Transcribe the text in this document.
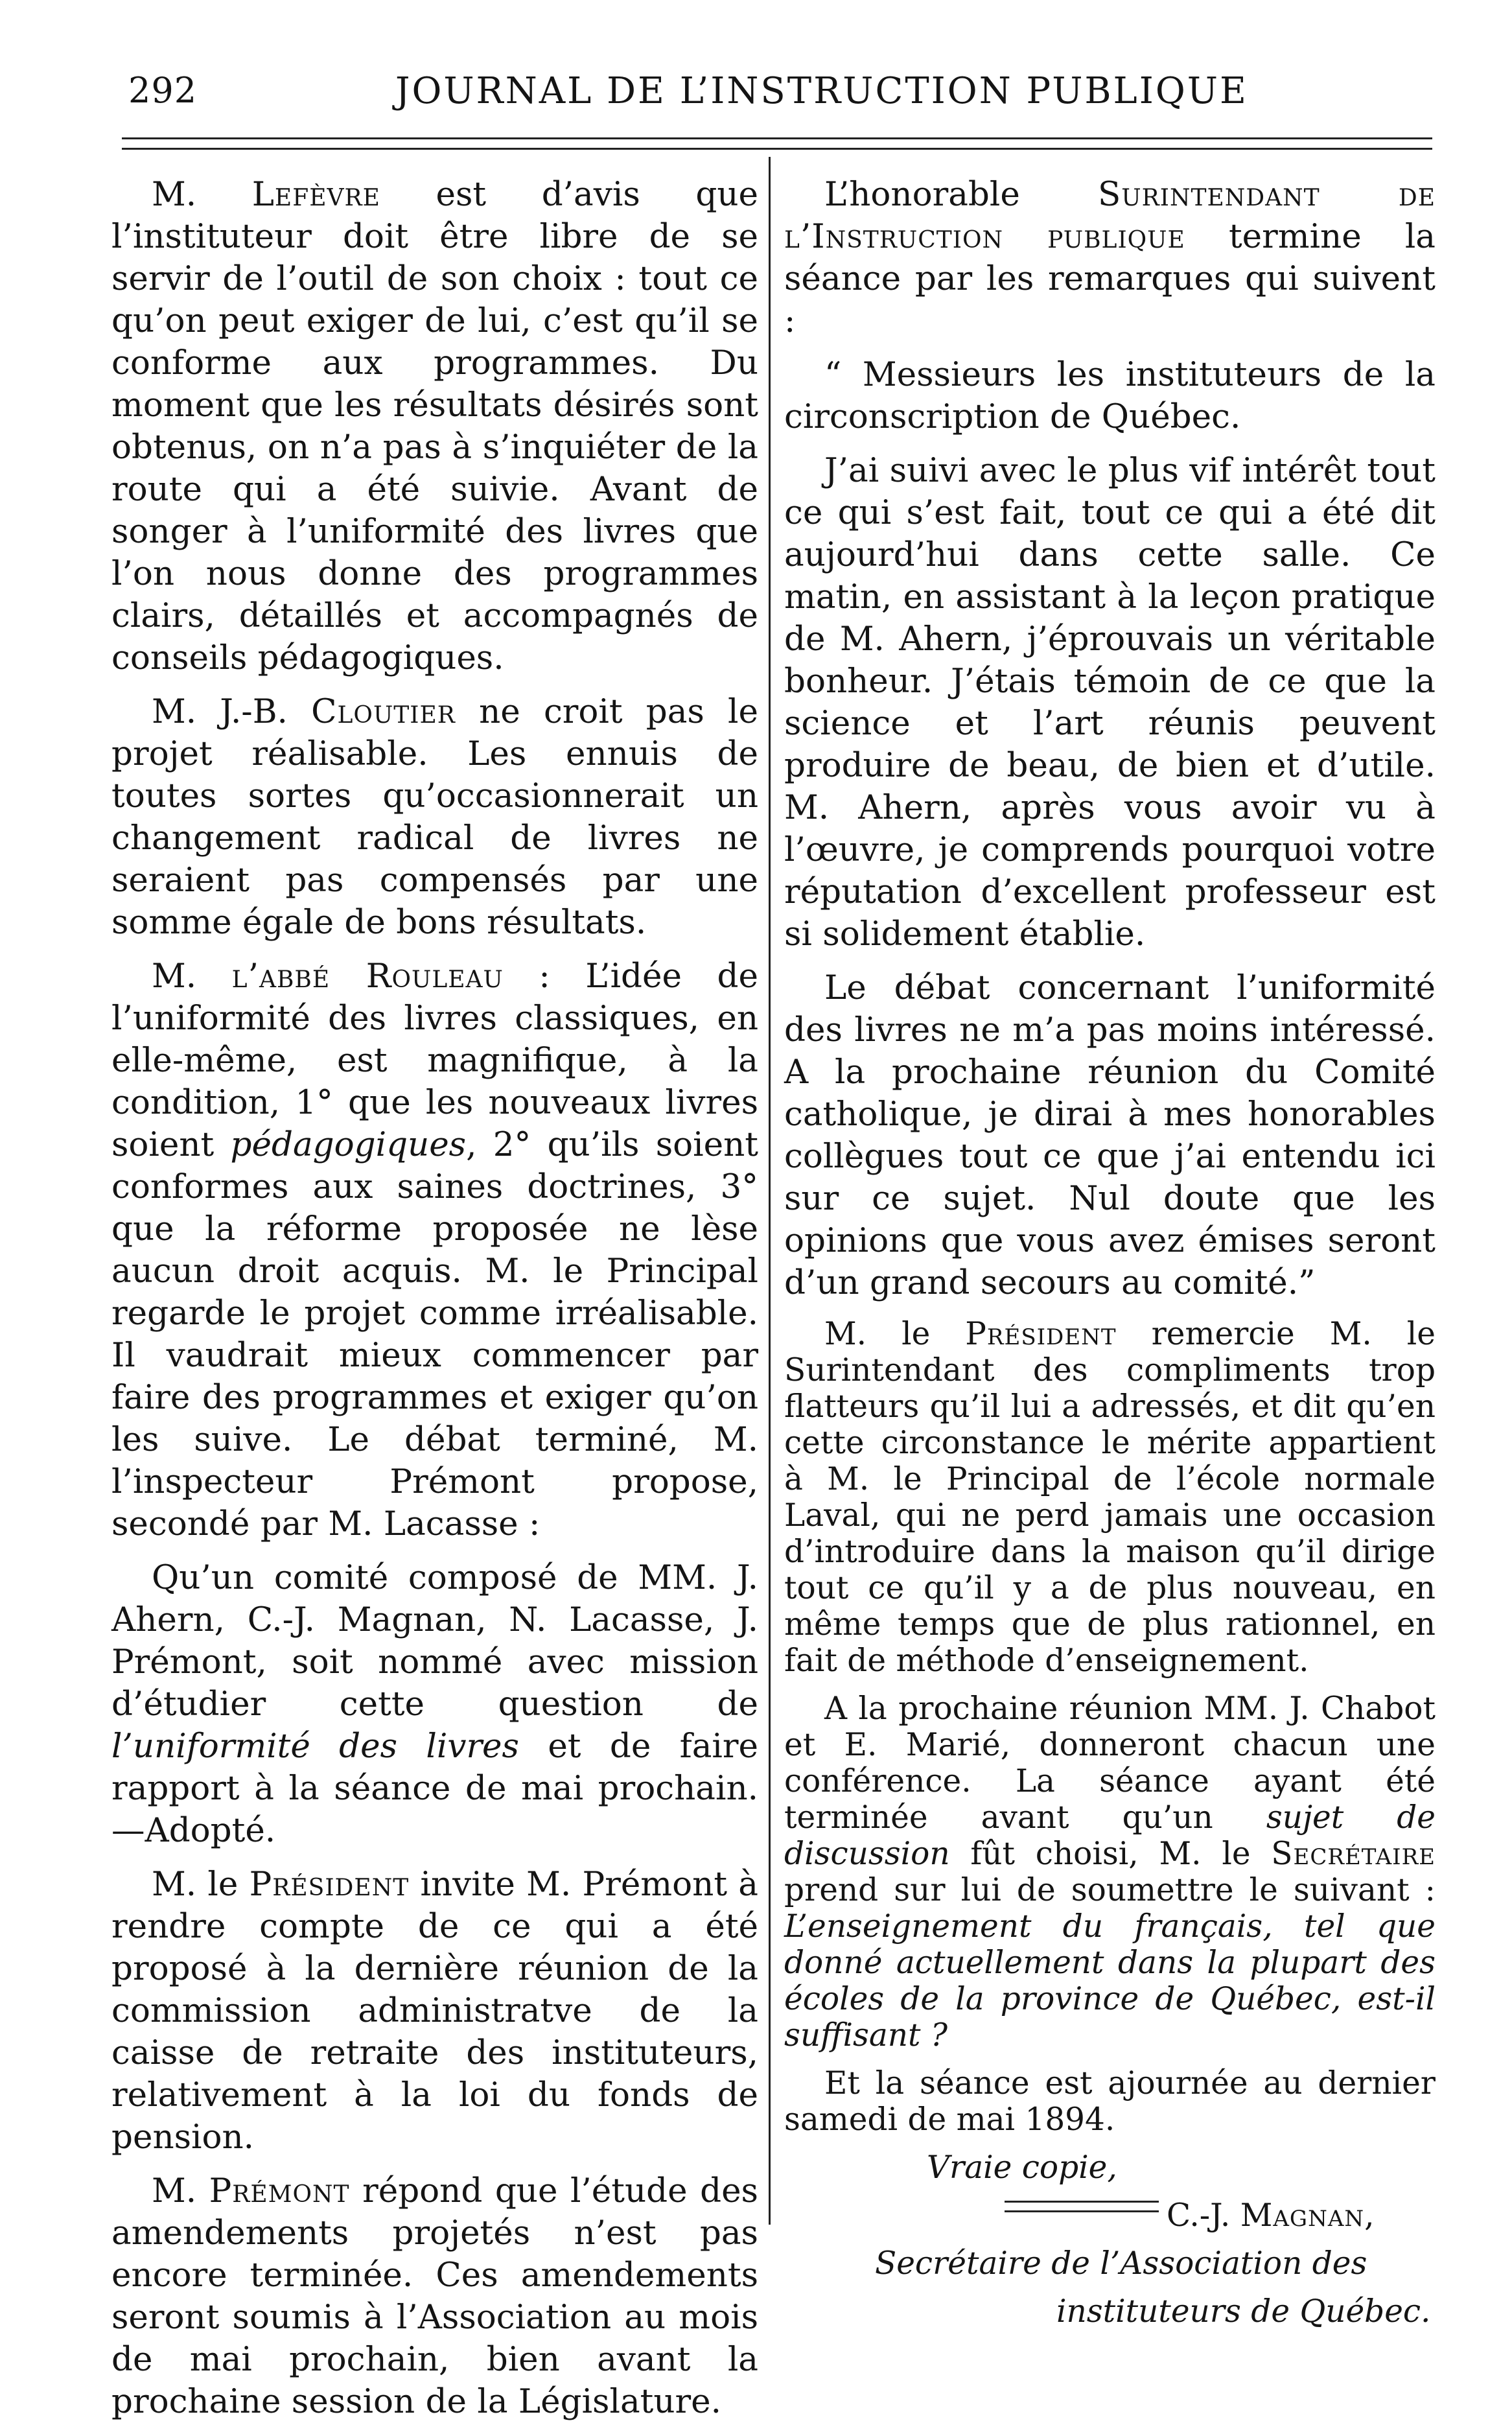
292	JOURNAL DE L’INSTRUCTION PUBLIQUE

M. Lefèvre est d’avis que l’instituteur doit être libre de se servir de l’outil de son choix : tout ce qu’on peut exiger de lui, c’est qu’il se conforme aux programmes. Du moment que les résultats désirés sont obtenus, on n’a pas à s’inquiéter de la route qui a été suivie. Avant de songer à l’uniformité des livres que l’on nous donne des programmes clairs, détaillés et accompagnés de conseils pédagogiques.

M. J.-B. Cloutier ne croit pas le projet réalisable. Les ennuis de toutes sortes qu’occasionnerait un changement radical de livres ne seraient pas compensés par une somme égale de bons résultats.

M. l’abbé Rouleau : L’idée de l’uniformité des livres classiques, en elle-même, est magnifique, à la condition, 1° que les nouveaux livres soient pédagogiques, 2° qu’ils soient conformes aux saines doctrines, 3° que la réforme proposée ne lèse aucun droit acquis. M. le Principal regarde le projet comme irréalisable. Il vaudrait mieux commencer par faire des programmes et exiger qu’on les suive. Le débat terminé, M. l’inspecteur Prémont propose, secondé par M. Lacasse :

Qu’un comité composé de MM. J. Ahern, C.-J. Magnan, N. Lacasse, J. Prémont, soit nommé avec mission d’étudier cette question de l’uniformité des livres et de faire rapport à la séance de mai prochain.—Adopté.

M. le Président invite M. Prémont à rendre compte de ce qui a été proposé à la dernière réunion de la commission administratve de la caisse de retraite des instituteurs, relativement à la loi du fonds de pension.

M. Prémont répond que l’étude des amendements projetés n’est pas encore terminée. Ces amendements seront soumis à l’Association au mois de mai prochain, bien avant la prochaine session de la Législature.

L’honorable Surintendant de l’Instruction publique termine la séance par les remarques qui suivent :

“ Messieurs les instituteurs de la circonscription de Québec.

J’ai suivi avec le plus vif intérêt tout ce qui s’est fait, tout ce qui a été dit aujourd’hui dans cette salle. Ce matin, en assistant à la leçon pratique de M. Ahern, j’éprouvais un véritable bonheur. J’étais témoin de ce que la science et l’art réunis peuvent produire de beau, de bien et d’utile. M. Ahern, après vous avoir vu à l’œuvre, je comprends pourquoi votre réputation d’excellent professeur est si solidement établie.

Le débat concernant l’uniformité des livres ne m’a pas moins intéressé. A la prochaine réunion du Comité catholique, je dirai à mes honorables collègues tout ce que j’ai entendu ici sur ce sujet. Nul doute que les opinions que vous avez émises seront d’un grand secours au comité.”

M. le Président remercie M. le Surintendant des compliments trop flatteurs qu’il lui a adressés, et dit qu’en cette circonstance le mérite appartient à M. le Principal de l’école normale Laval, qui ne perd jamais une occasion d’introduire dans la maison qu’il dirige tout ce qu’il y a de plus nouveau, en même temps que de plus rationnel, en fait de méthode d’enseignement.

A la prochaine réunion MM. J. Chabot et E. Marié, donneront chacun une conférence. La séance ayant été terminée avant qu’un sujet de discussion fût choisi, M. le Secrétaire prend sur lui de soumettre le suivant : L’enseignement du français, tel que donné actuellement dans la plupart des écoles de la province de Québec, est-il suffisant ?

Et la séance est ajournée au dernier samedi de mai 1894.

Vraie copie,

C.-J. Magnan,

Secrétaire de l’Association des

instituteurs de Québec.
